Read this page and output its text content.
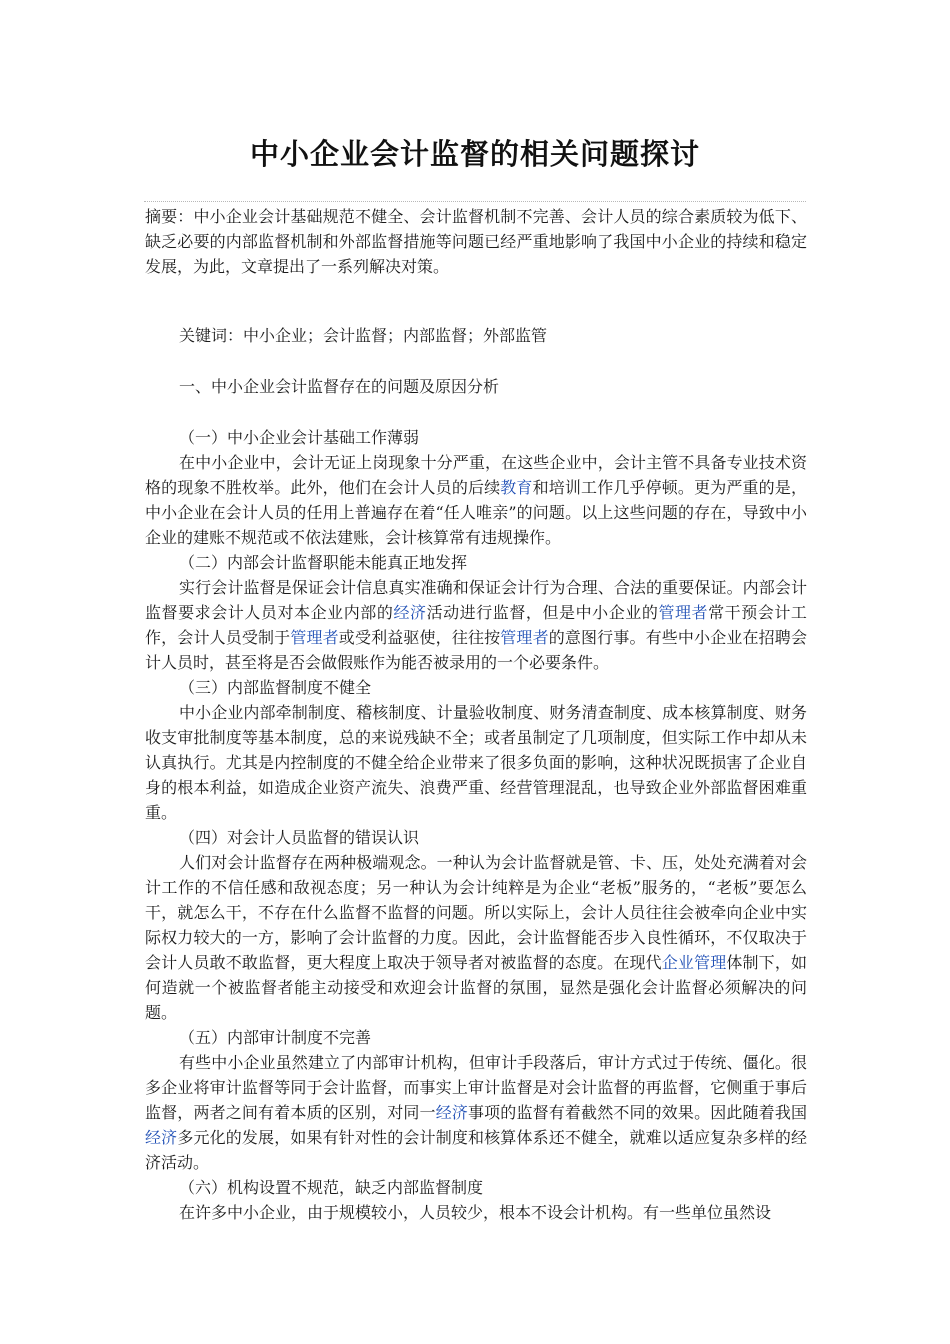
中小企业会计监督的相关问题探讨

摘要：中小企业会计基础规范不健全、会计监督机制不完善、会计人员的综合素质较为低下、缺乏必要的内部监督机制和外部监督措施等问题已经严重地影响了我国中小企业的持续和稳定发展，为此，文章提出了一系列解决对策。

关键词：中小企业；会计监督；内部监督；外部监管

一、中小企业会计监督存在的问题及原因分析

（一）中小企业会计基础工作薄弱

在中小企业中，会计无证上岗现象十分严重，在这些企业中，会计主管不具备专业技术资格的现象不胜枚举。此外，他们在会计人员的后续教育和培训工作几乎停顿。更为严重的是，中小企业在会计人员的任用上普遍存在着“任人唯亲”的问题。以上这些问题的存在，导致中小企业的建账不规范或不依法建账，会计核算常有违规操作。

（二）内部会计监督职能未能真正地发挥

实行会计监督是保证会计信息真实准确和保证会计行为合理、合法的重要保证。内部会计监督要求会计人员对本企业内部的经济活动进行监督，但是中小企业的管理者常干预会计工作，会计人员受制于管理者或受利益驱使，往往按管理者的意图行事。有些中小企业在招聘会计人员时，甚至将是否会做假账作为能否被录用的一个必要条件。

（三）内部监督制度不健全

中小企业内部牵制制度、稽核制度、计量验收制度、财务清查制度、成本核算制度、财务收支审批制度等基本制度，总的来说残缺不全；或者虽制定了几项制度，但实际工作中却从未认真执行。尤其是内控制度的不健全给企业带来了很多负面的影响，这种状况既损害了企业自身的根本利益，如造成企业资产流失、浪费严重、经营管理混乱，也导致企业外部监督困难重重。

（四）对会计人员监督的错误认识

人们对会计监督存在两种极端观念。一种认为会计监督就是管、卡、压，处处充满着对会计工作的不信任感和敌视态度；另一种认为会计纯粹是为企业“老板”服务的，“老板”要怎么干，就怎么干，不存在什么监督不监督的问题。所以实际上，会计人员往往会被牵向企业中实际权力较大的一方，影响了会计监督的力度。因此，会计监督能否步入良性循环，不仅取决于会计人员敢不敢监督，更大程度上取决于领导者对被监督的态度。在现代企业管理体制下，如何造就一个被监督者能主动接受和欢迎会计监督的氛围，显然是强化会计监督必须解决的问题。

（五）内部审计制度不完善

有些中小企业虽然建立了内部审计机构，但审计手段落后，审计方式过于传统、僵化。很多企业将审计监督等同于会计监督，而事实上审计监督是对会计监督的再监督，它侧重于事后监督，两者之间有着本质的区别，对同一经济事项的监督有着截然不同的效果。因此随着我国经济多元化的发展，如果有针对性的会计制度和核算体系还不健全，就难以适应复杂多样的经济活动。

（六）机构设置不规范，缺乏内部监督制度

在许多中小企业，由于规模较小，人员较少，根本不设会计机构。有一些单位虽然设
